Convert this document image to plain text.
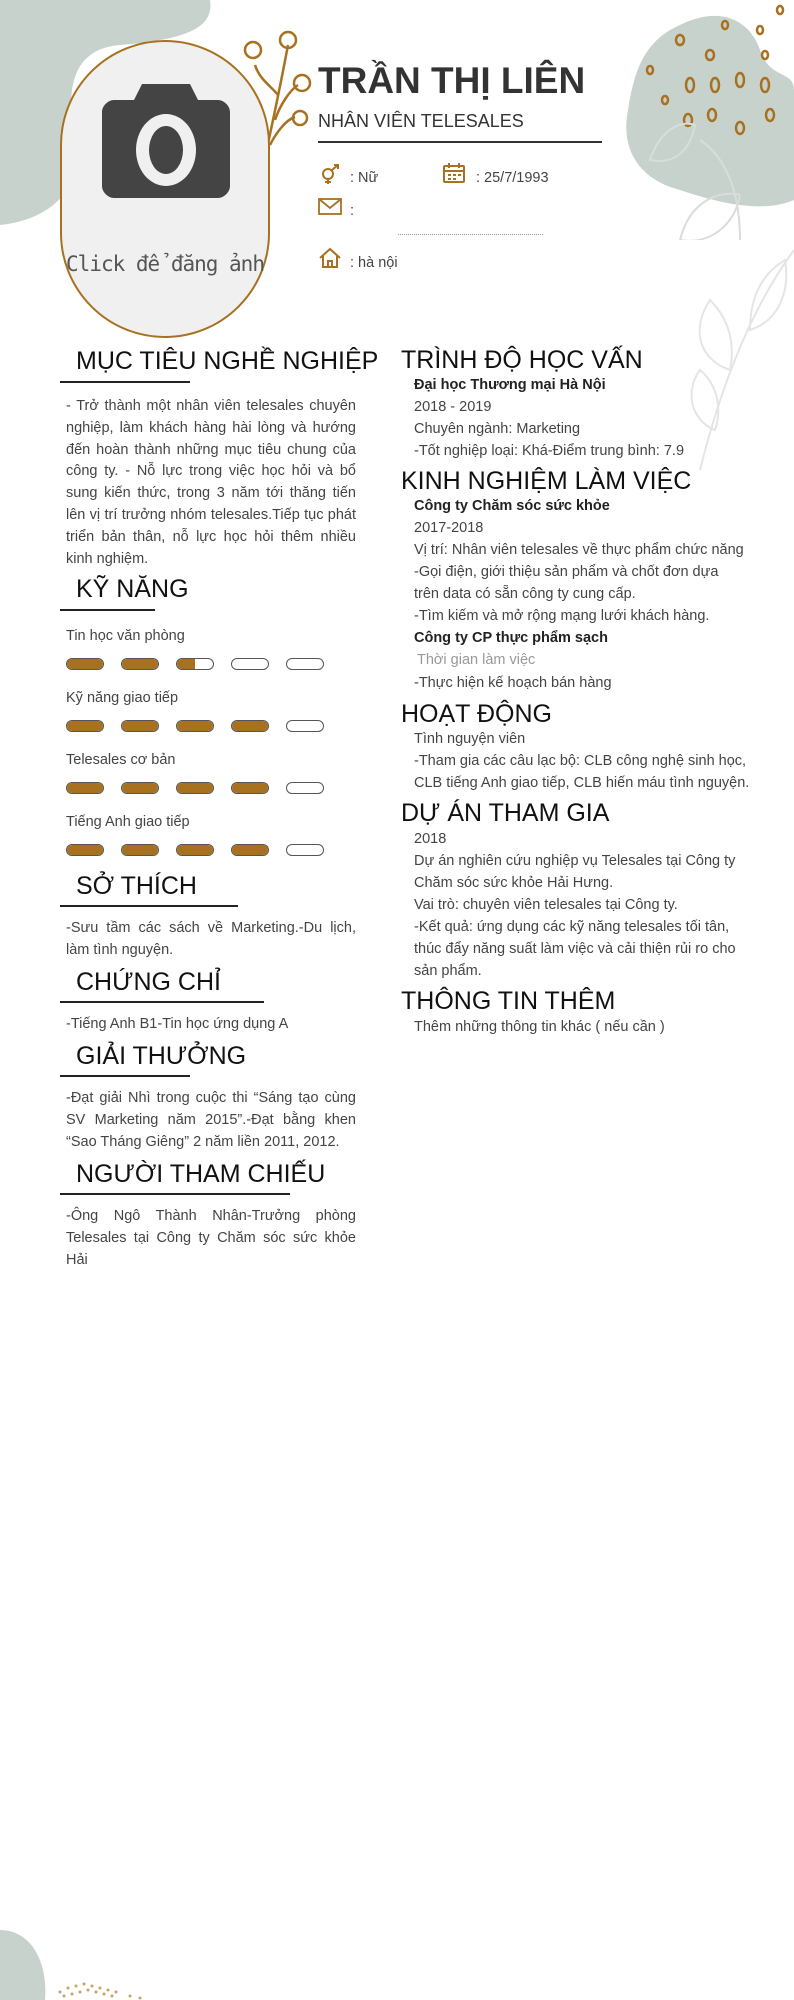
Click để đăng ảnh
TRẦN THỊ LIÊN
NHÂN VIÊN TELESALES
: Nữ	: 25/7/1993
:
: hà nội
MỤC TIÊU NGHỀ NGHIỆP

- Trở thành một nhân viên telesales chuyên nghiệp, làm khách hàng hài lòng và hướng đến hoàn thành những mục tiêu chung của công ty. - Nỗ lực trong việc học hỏi và bổ sung kiến thức, trong 3 năm tới thăng tiến lên vị trí trưởng nhóm telesales.Tiếp tục phát triển bản thân, nỗ lực học hỏi thêm nhiều kinh nghiệm.

KỸ NĂNG
Tin học văn phòng
Kỹ năng giao tiếp
Telesales cơ bản
Tiếng Anh giao tiếp
SỞ THÍCH

-Sưu tầm các sách về Marketing.-Du lịch, làm tình nguyện.

CHỨNG CHỈ

-Tiếng Anh B1-Tin học ứng dụng A

GIẢI THƯỞNG

-Đạt giải Nhì trong cuộc thi “Sáng tạo cùng SV Marketing năm 2015”.-Đạt bằng khen “Sao Tháng Giêng” 2 năm liền 2011, 2012.

NGƯỜI THAM CHIẾU

-Ông Ngô Thành Nhân-Trưởng phòng Telesales tại Công ty Chăm sóc sức khỏe Hải

TRÌNH ĐỘ HỌC VẤN

Đại học Thương mại Hà Nội

2018 - 2019

Chuyên ngành: Marketing

-Tốt nghiệp loại: Khá-Điểm trung bình: 7.9

KINH NGHIỆM LÀM VIỆC

Công ty Chăm sóc sức khỏe

2017-2018

Vị trí: Nhân viên telesales về thực phẩm chức năng

-Gọi điện, giới thiệu sản phẩm và chốt đơn dựa trên data có sẵn công ty cung cấp.

-Tìm kiếm và mở rộng mạng lưới khách hàng.

Công ty CP thực phẩm sạch

Thời gian làm việc

-Thực hiện kế hoạch bán hàng

HOẠT ĐỘNG

Tình nguyện viên

-Tham gia các câu lạc bộ: CLB công nghệ sinh học, CLB tiếng Anh giao tiếp, CLB hiến máu tình nguyện.

DỰ ÁN THAM GIA

2018

Dự án nghiên cứu nghiệp vụ Telesales tại Công ty Chăm sóc sức khỏe Hải Hưng.

Vai trò: chuyên viên telesales tại Công ty.

-Kết quả: ứng dụng các kỹ năng telesales tối tân, thúc đẩy năng suất làm việc và cải thiện rủi ro cho sản phẩm.

THÔNG TIN THÊM

Thêm những thông tin khác ( nếu cần )
